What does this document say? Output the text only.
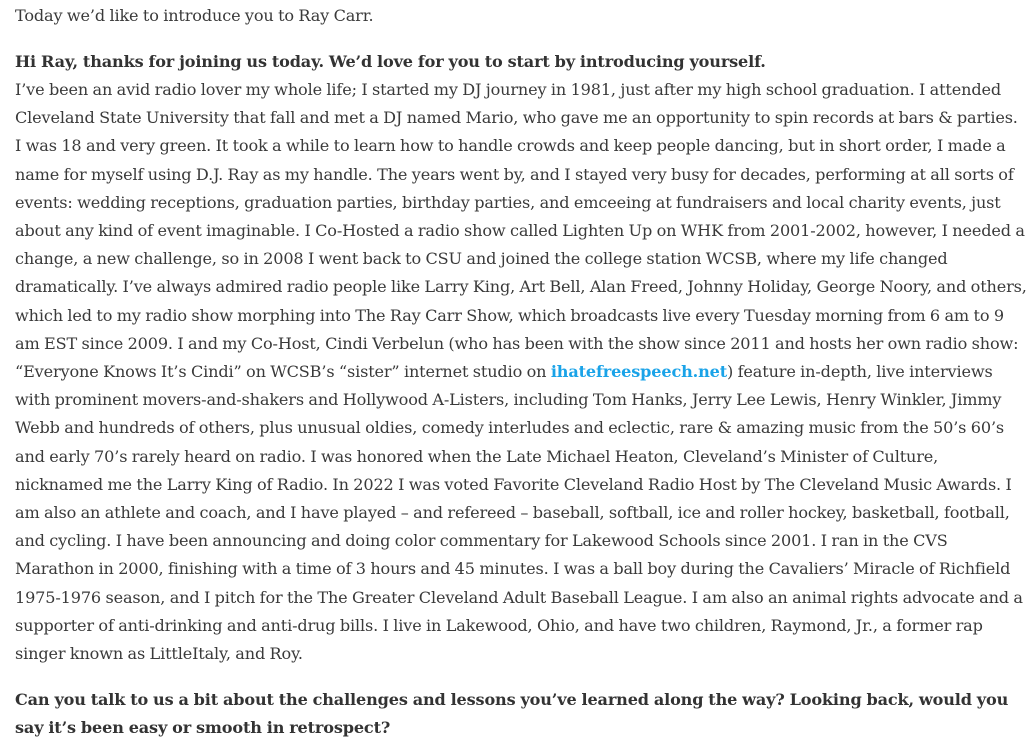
Today we’d like to introduce you to Ray Carr.

Hi Ray, thanks for joining us today. We’d love for you to start by introducing yourself.

I’ve been an avid radio lover my whole life; I started my DJ journey in 1981, just after my high school graduation. I attended Cleveland State University that fall and met a DJ named Mario, who gave me an opportunity to spin records at bars & parties. I was 18 and very green. It took a while to learn how to handle crowds and keep people dancing, but in short order, I made a name for myself using D.J. Ray as my handle. The years went by, and I stayed very busy for decades, performing at all sorts of events: wedding receptions, graduation parties, birthday parties, and emceeing at fundraisers and local charity events, just about any kind of event imaginable. I Co-Hosted a radio show called Lighten Up on WHK from 2001-2002, however, I needed a change, a new challenge, so in 2008 I went back to CSU and joined the college station WCSB, where my life changed dramatically. I’ve always admired radio people like Larry King, Art Bell, Alan Freed, Johnny Holiday, George Noory, and others, which led to my radio show morphing into The Ray Carr Show, which broadcasts live every Tuesday morning from 6 am to 9 am EST since 2009. I and my Co-Host, Cindi Verbelun (who has been with the show since 2011 and hosts her own radio show: “Everyone Knows It’s Cindi” on WCSB’s “sister” internet studio on ihatefreespeech.net) feature in-depth, live interviews with prominent movers-and-shakers and Hollywood A-Listers, including Tom Hanks, Jerry Lee Lewis, Henry Winkler, Jimmy Webb and hundreds of others, plus unusual oldies, comedy interludes and eclectic, rare & amazing music from the 50’s 60’s and early 70’s rarely heard on radio. I was honored when the Late Michael Heaton, Cleveland’s Minister of Culture, nicknamed me the Larry King of Radio. In 2022 I was voted Favorite Cleveland Radio Host by The Cleveland Music Awards. I am also an athlete and coach, and I have played – and refereed – baseball, softball, ice and roller hockey, basketball, football, and cycling. I have been announcing and doing color commentary for Lakewood Schools since 2001. I ran in the CVS Marathon in 2000, finishing with a time of 3 hours and 45 minutes. I was a ball boy during the Cavaliers’ Miracle of Richfield 1975-1976 season, and I pitch for the The Greater Cleveland Adult Baseball League. I am also an animal rights advocate and a supporter of anti-drinking and anti-drug bills. I live in Lakewood, Ohio, and have two children, Raymond, Jr., a former rap singer known as LittleItaly, and Roy.

Can you talk to us a bit about the challenges and lessons you’ve learned along the way? Looking back, would you say it’s been easy or smooth in retrospect?
